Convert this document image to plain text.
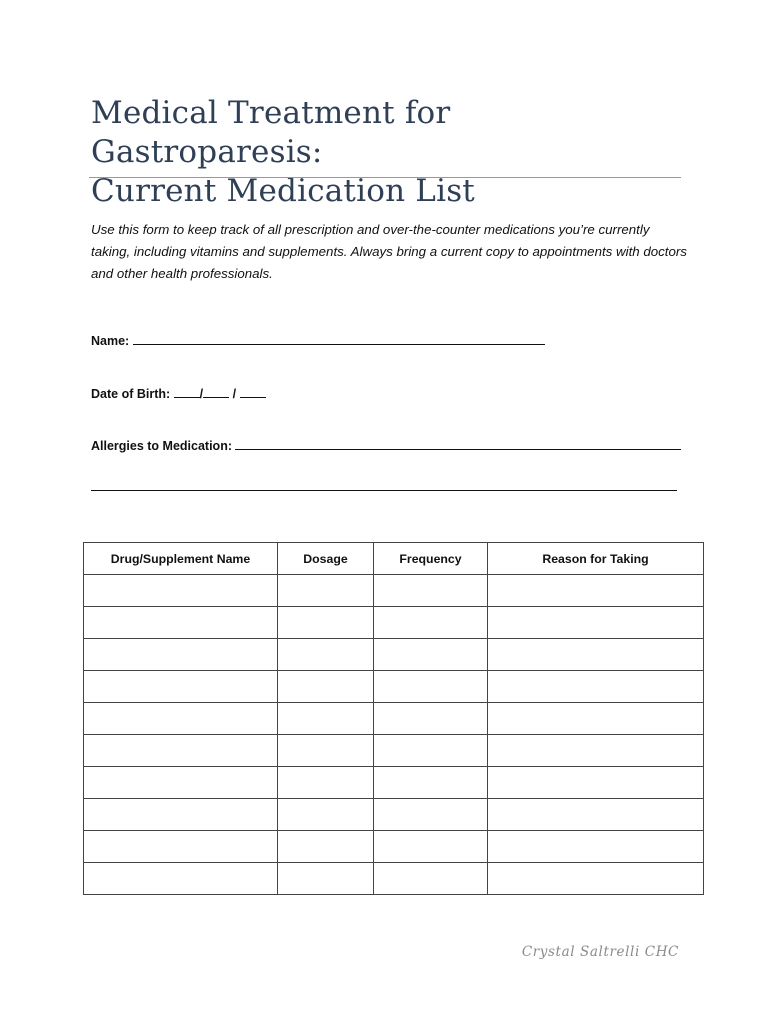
Medical Treatment for Gastroparesis:
Current Medication List
Use this form to keep track of all prescription and over-the-counter medications you’re currently taking, including vitamins and supplements. Always bring a current copy to appointments with doctors and other health professionals.
Name:
Date of Birth: / /
Allergies to Medication:
Drug/Supplement Name	Dosage	Frequency	Reason for Taking

Crystal Saltrelli CHC
